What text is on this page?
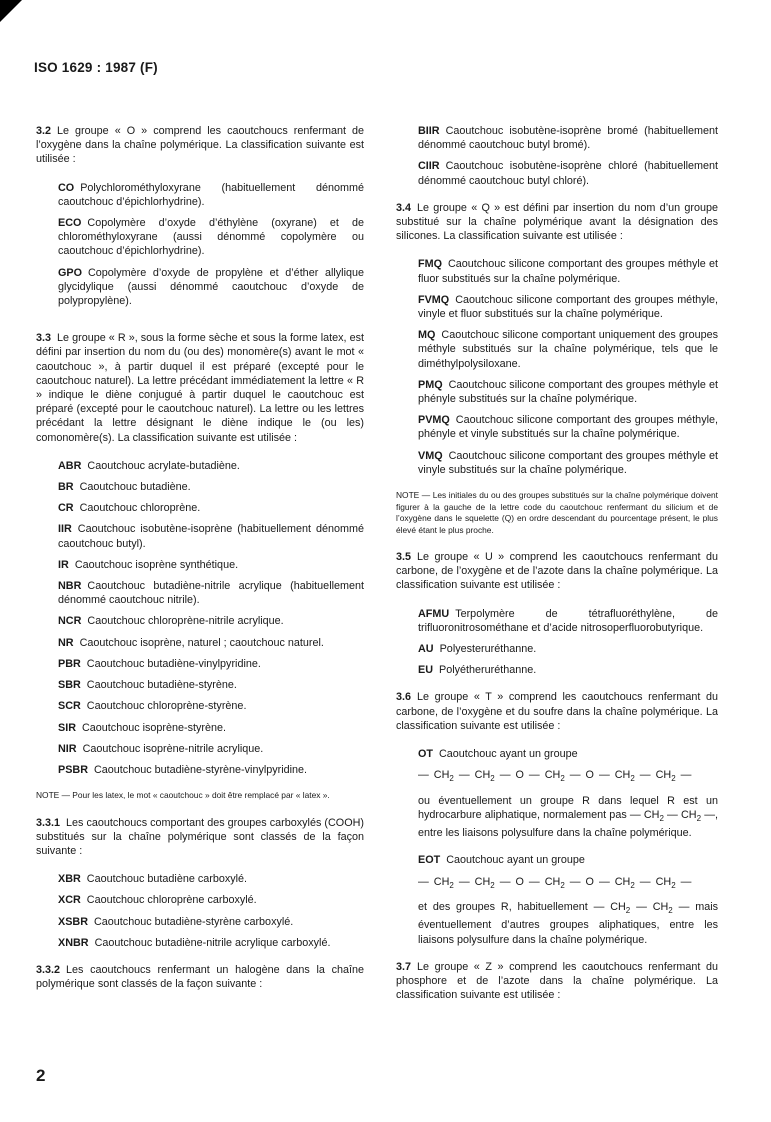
ISO 1629 : 1987 (F)

3.2 Le groupe « O » comprend les caoutchoucs renfermant de l’oxygène dans la chaîne polymérique. La classification suivante est utilisée :

CO Polychlorométhyloxyrane (habituellement dénommé caoutchouc d’épichlorhydrine).

ECO Copolymère d’oxyde d’éthylène (oxyrane) et de chlorométhyloxyrane (aussi dénommé copolymère ou caoutchouc d’épichlorhydrine).

GPO Copolymère d’oxyde de propylène et d’éther allylique glycidylique (aussi dénommé caoutchouc d’oxyde de polypropylène).

3.3 Le groupe « R », sous la forme sèche et sous la forme latex, est défini par insertion du nom du (ou des) monomère(s) avant le mot « caoutchouc », à partir duquel il est préparé (excepté pour le caoutchouc naturel). La lettre précédant immédiatement la lettre « R » indique le diène conjugué à partir duquel le caoutchouc est préparé (excepté pour le caoutchouc naturel). La lettre ou les lettres précédant la lettre désignant le diène indique le (ou les) comonomère(s). La classification suivante est utilisée :

ABR Caoutchouc acrylate-butadiène.

BR Caoutchouc butadiène.

CR Caoutchouc chloroprène.

IIR Caoutchouc isobutène-isoprène (habituellement dénommé caoutchouc butyl).

IR Caoutchouc isoprène synthétique.

NBR Caoutchouc butadiène-nitrile acrylique (habituellement dénommé caoutchouc nitrile).

NCR Caoutchouc chloroprène-nitrile acrylique.

NR Caoutchouc isoprène, naturel ; caoutchouc naturel.

PBR Caoutchouc butadiène-vinylpyridine.

SBR Caoutchouc butadiène-styrène.

SCR Caoutchouc chloroprène-styrène.

SIR Caoutchouc isoprène-styrène.

NIR Caoutchouc isoprène-nitrile acrylique.

PSBR Caoutchouc butadiène-styrène-vinylpyridine.

NOTE — Pour les latex, le mot « caoutchouc » doit être remplacé par « latex ».

3.3.1 Les caoutchoucs comportant des groupes carboxylés (COOH) substitués sur la chaîne polymérique sont classés de la façon suivante :

XBR Caoutchouc butadiène carboxylé.

XCR Caoutchouc chloroprène carboxylé.

XSBR Caoutchouc butadiène-styrène carboxylé.

XNBR Caoutchouc butadiène-nitrile acrylique carboxylé.

3.3.2 Les caoutchoucs renfermant un halogène dans la chaîne polymérique sont classés de la façon suivante :

BIIR Caoutchouc isobutène-isoprène bromé (habituellement dénommé caoutchouc butyl bromé).

CIIR Caoutchouc isobutène-isoprène chloré (habituellement dénommé caoutchouc butyl chloré).

3.4 Le groupe « Q » est défini par insertion du nom d’un groupe substitué sur la chaîne polymérique avant la désignation des silicones. La classification suivante est utilisée :

FMQ Caoutchouc silicone comportant des groupes méthyle et fluor substitués sur la chaîne polymérique.

FVMQ Caoutchouc silicone comportant des groupes méthyle, vinyle et fluor substitués sur la chaîne polymérique.

MQ Caoutchouc silicone comportant uniquement des groupes méthyle substitués sur la chaîne polymérique, tels que le diméthylpolysiloxane.

PMQ Caoutchouc silicone comportant des groupes méthyle et phényle substitués sur la chaîne polymérique.

PVMQ Caoutchouc silicone comportant des groupes méthyle, phényle et vinyle substitués sur la chaîne polymérique.

VMQ Caoutchouc silicone comportant des groupes méthyle et vinyle substitués sur la chaîne polymérique.

NOTE — Les initiales du ou des groupes substitués sur la chaîne polymérique doivent figurer à la gauche de la lettre code du caoutchouc renfermant du silicium et de l’oxygène dans le squelette (Q) en ordre descendant du pourcentage présent, le plus élevé étant le plus proche.

3.5 Le groupe « U » comprend les caoutchoucs renfermant du carbone, de l’oxygène et de l’azote dans la chaîne polymérique. La classification suivante est utilisée :

AFMU Terpolymère de tétrafluoréthylène, de trifluoronitrosométhane et d’acide nitrosoperfluorobutyrique.

AU Polyesteruréthanne.

EU Polyétheruréthanne.

3.6 Le groupe « T » comprend les caoutchoucs renfermant du carbone, de l’oxygène et du soufre dans la chaîne polymérique. La classification suivante est utilisée :

OT Caoutchouc ayant un groupe

— $CH_2$ — $CH_2$ — O — $CH_2$ — O — $CH_2$ — $CH_2$ —

ou éventuellement un groupe R dans lequel R est un hydrocarbure aliphatique, normalement pas — $CH_2$ — $CH_2$ —, entre les liaisons polysulfure dans la chaîne polymérique.

EOT Caoutchouc ayant un groupe

— $CH_2$ — $CH_2$ — O — $CH_2$ — O — $CH_2$ — $CH_2$ —

et des groupes R, habituellement — $CH_2$ — $CH_2$ — mais éventuellement d’autres groupes aliphatiques, entre les liaisons polysulfure dans la chaîne polymérique.

3.7 Le groupe « Z » comprend les caoutchoucs renfermant du phosphore et de l’azote dans la chaîne polymérique. La classification suivante est utilisée :

2
